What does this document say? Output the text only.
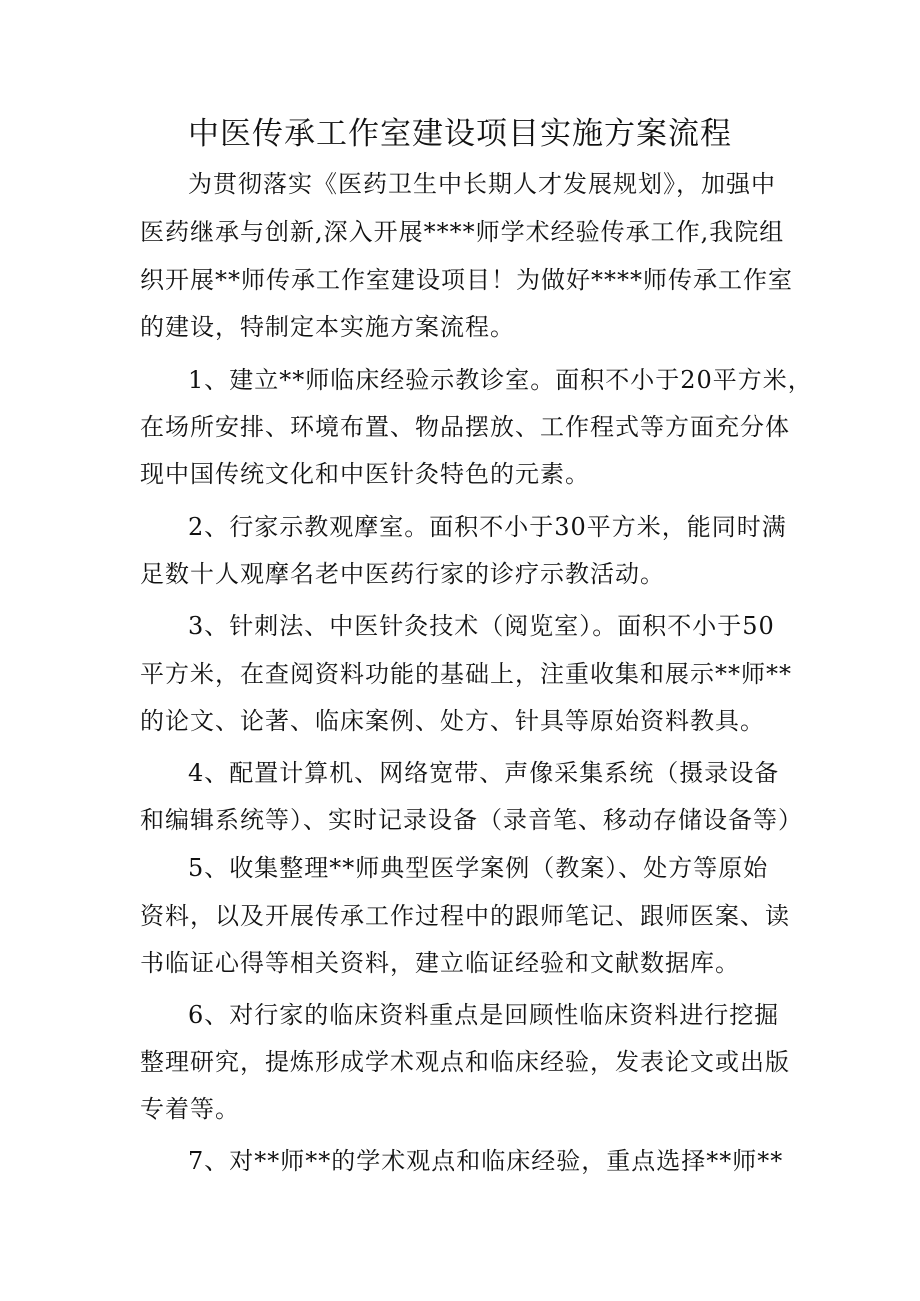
中医传承工作室建设项目实施方案流程
为贯彻落实《医药卫生中长期人才发展规划》，加强中
医药继承与创新,深入开展****师学术经验传承工作,我院组
织开展**师传承工作室建设项目！为做好****师传承工作室
的建设，特制定本实施方案流程。
1、建立**师临床经验示教诊室。面积不小于20平方米，
在场所安排、环境布置、物品摆放、工作程式等方面充分体
现中国传统文化和中医针灸特色的元素。
2、行家示教观摩室。面积不小于30平方米，能同时满
足数十人观摩名老中医药行家的诊疗示教活动。
3、针刺法、中医针灸技术（阅览室）。面积不小于50
平方米，在查阅资料功能的基础上，注重收集和展示**师**
的论文、论著、临床案例、处方、针具等原始资料教具。
4、配置计算机、网络宽带、声像采集系统（摄录设备
和编辑系统等）、实时记录设备（录音笔、移动存储设备等）
5、收集整理**师典型医学案例（教案）、处方等原始
资料，以及开展传承工作过程中的跟师笔记、跟师医案、读
书临证心得等相关资料，建立临证经验和文献数据库。
6、对行家的临床资料重点是回顾性临床资料进行挖掘
整理研究，提炼形成学术观点和临床经验，发表论文或出版
专着等。
7、对**师**的学术观点和临床经验，重点选择**师**
